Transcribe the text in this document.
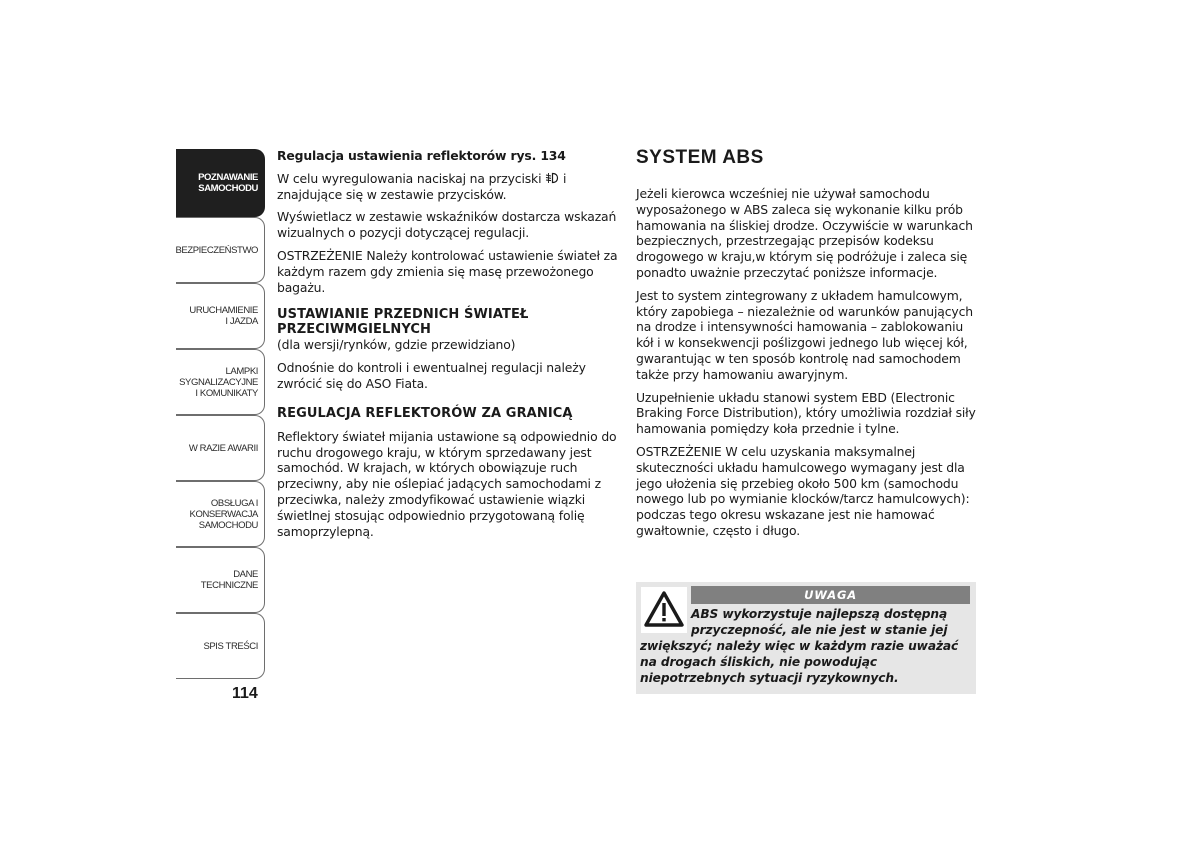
POZNAWANIE
SAMOCHODU
BEZPIECZEŃSTWO
URUCHAMIENIE
I JAZDA
LAMPKI
SYGNALIZACYJNE
I KOMUNIKATY
W RAZIE AWARII
OBSŁUGA I
KONSERWACJA
SAMOCHODU
DANE TECHNICZNE
SPIS TREŚCI
114

Regulacja ustawienia reflektorów rys. 134

W celu wyregulowania naciskaj na przyciski  i znajdujące się w zestawie przycisków.

Wyświetlacz w zestawie wskaźników dostarcza wskazań wizualnych o pozycji dotyczącej regulacji.

OSTRZEŻENIE Należy kontrolować ustawienie świateł za każdym razem gdy zmienia się masę przewożonego bagażu.

USTAWIANIE PRZEDNICH ŚWIATEŁ PRZECIWMGIELNYCH

(dla wersji/rynków, gdzie przewidziano)

Odnośnie do kontroli i ewentualnej regulacji należy zwrócić się do ASO Fiata.

REGULACJA REFLEKTORÓW ZA GRANICĄ

Reflektory świateł mijania ustawione są odpowiednio do ruchu drogowego kraju, w którym sprzedawany jest samochód. W krajach, w których obowiązuje ruch przeciwny, aby nie oślepiać jadących samochodami z przeciwka, należy zmodyfikować ustawienie wiązki świetlnej stosując odpowiednio przygotowaną folię samoprzylepną.

SYSTEM ABS

Jeżeli kierowca wcześniej nie używał samochodu wyposażonego w ABS zaleca się wykonanie kilku prób hamowania na śliskiej drodze. Oczywiście w warunkach bezpiecznych, przestrzegając przepisów kodeksu drogowego w kraju,w którym się podróżuje i zaleca się ponadto uważnie przeczytać poniższe informacje.

Jest to system zintegrowany z układem hamulcowym, który zapobiega – niezależnie od warunków panujących na drodze i intensywności hamowania – zablokowaniu kół i w konsekwencji poślizgowi jednego lub więcej kół, gwarantując w ten sposób kontrolę nad samochodem także przy hamowaniu awaryjnym.

Uzupełnienie układu stanowi system EBD (Electronic Braking Force Distribution), który umożliwia rozdział siły hamowania pomiędzy koła przednie i tylne.

OSTRZEŻENIE W celu uzyskania maksymalnej skuteczności układu hamulcowego wymagany jest dla jego ułożenia się przebieg około 500 km (samochodu nowego lub po wymianie klocków/tarcz hamulcowych): podczas tego okresu wskazane jest nie hamować gwałtownie, często i długo.

UWAGA
ABS wykorzystuje najlepszą dostępną
przyczepność, ale nie jest w stanie jej
zwiększyć; należy więc w każdym razie uważać
na drogach śliskich, nie powodując
niepotrzebnych sytuacji ryzykownych.
